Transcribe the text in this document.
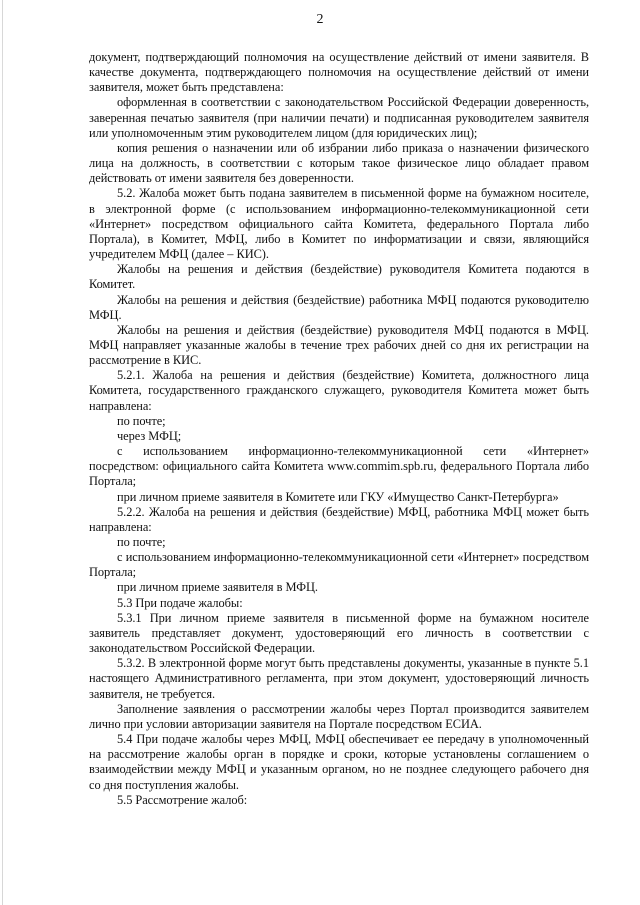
2

документ, подтверждающий полномочия на осуществление действий от имени заявителя. В качестве документа, подтверждающего полномочия на осуществление действий от имени заявителя, может быть представлена:

оформленная в соответствии с законодательством Российской Федерации доверенность, заверенная печатью заявителя (при наличии печати) и подписанная руководителем заявителя или уполномоченным этим руководителем лицом (для юридических лиц);

копия решения о назначении или об избрании либо приказа о назначении физического лица на должность, в соответствии с которым такое физическое лицо обладает правом действовать от имени заявителя без доверенности.

5.2. Жалоба может быть подана заявителем в письменной форме на бумажном носителе, в электронной форме (с использованием информационно-телекоммуникационной сети «Интернет» посредством официального сайта Комитета, федерального Портала либо Портала), в Комитет, МФЦ, либо в Комитет по информатизации и связи, являющийся учредителем МФЦ (далее – КИС).

Жалобы на решения и действия (бездействие) руководителя Комитета подаются в Комитет.

Жалобы на решения и действия (бездействие) работника МФЦ подаются руководителю МФЦ.

Жалобы на решения и действия (бездействие) руководителя МФЦ подаются в МФЦ. МФЦ направляет указанные жалобы в течение трех рабочих дней со дня их регистрации на рассмотрение в КИС.

5.2.1. Жалоба на решения и действия (бездействие) Комитета, должностного лица Комитета, государственного гражданского служащего, руководителя Комитета может быть направлена:

по почте;

через МФЦ;

с использованием информационно-телекоммуникационной сети «Интернет» посредством: официального сайта Комитета www.commim.spb.ru, федерального Портала либо Портала;

при личном приеме заявителя в Комитете или ГКУ «Имущество Санкт-Петербурга»

5.2.2. Жалоба на решения и действия (бездействие) МФЦ, работника МФЦ может быть направлена:

по почте;

с использованием информационно-телекоммуникационной сети «Интернет» посредством Портала;

при личном приеме заявителя в МФЦ.

5.3 При подаче жалобы:

5.3.1 При личном приеме заявителя в письменной форме на бумажном носителе заявитель представляет документ, удостоверяющий его личность в соответствии с законодательством Российской Федерации.

5.3.2. В электронной форме могут быть представлены документы, указанные в пункте 5.1 настоящего Административного регламента, при этом документ, удостоверяющий личность заявителя, не требуется.

Заполнение заявления о рассмотрении жалобы через Портал производится заявителем лично при условии авторизации заявителя на Портале посредством ЕСИА.

5.4 При подаче жалобы через МФЦ, МФЦ обеспечивает ее передачу в уполномоченный на рассмотрение жалобы орган в порядке и сроки, которые установлены соглашением о взаимодействии между МФЦ и указанным органом, но не позднее следующего рабочего дня со дня поступления жалобы.

5.5 Рассмотрение жалоб:
